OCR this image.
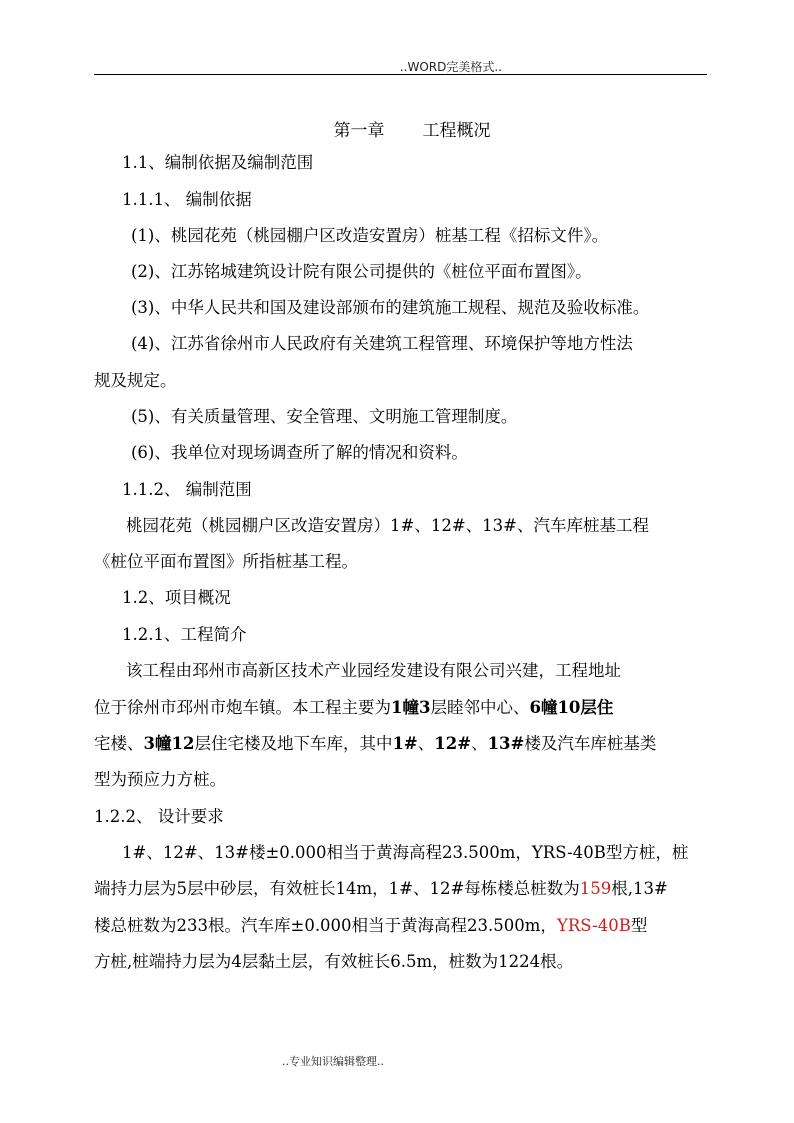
..WORD完美格式..
第一章 工程概况
1.1、编制依据及编制范围
1.1.1、 编制依据
(1)、桃园花苑（桃园棚户区改造安置房）桩基工程《招标文件》。
(2)、江苏铭城建筑设计院有限公司提供的《桩位平面布置图》。
(3)、中华人民共和国及建设部颁布的建筑施工规程、规范及验收标准。
(4)、江苏省徐州市人民政府有关建筑工程管理、环境保护等地方性法
规及规定。
(5)、有关质量管理、安全管理、文明施工管理制度。
(6)、我单位对现场调查所了解的情况和资料。
1.1.2、 编制范围
桃园花苑（桃园棚户区改造安置房）1#、12#、13#、汽车库桩基工程
《桩位平面布置图》所指桩基工程。
1.2、项目概况
1.2.1、工程简介
该工程由邳州市高新区技术产业园经发建设有限公司兴建，工程地址
位于徐州市邳州市炮车镇。本工程主要为1幢3层睦邻中心、6幢10层住
宅楼、3幢12层住宅楼及地下车库，其中1#、12#、13#楼及汽车库桩基类
型为预应力方桩。
1.2.2、 设计要求
1#、12#、13#楼±0.000相当于黄海高程23.500m，YRS-40B型方桩，桩
端持力层为5层中砂层，有效桩长14m，1#、12#每栋楼总桩数为159根,13#
楼总桩数为233根。汽车库±0.000相当于黄海高程23.500m，YRS-40B型
方桩,桩端持力层为4层黏土层，有效桩长6.5m，桩数为1224根。
..专业知识编辑整理..
